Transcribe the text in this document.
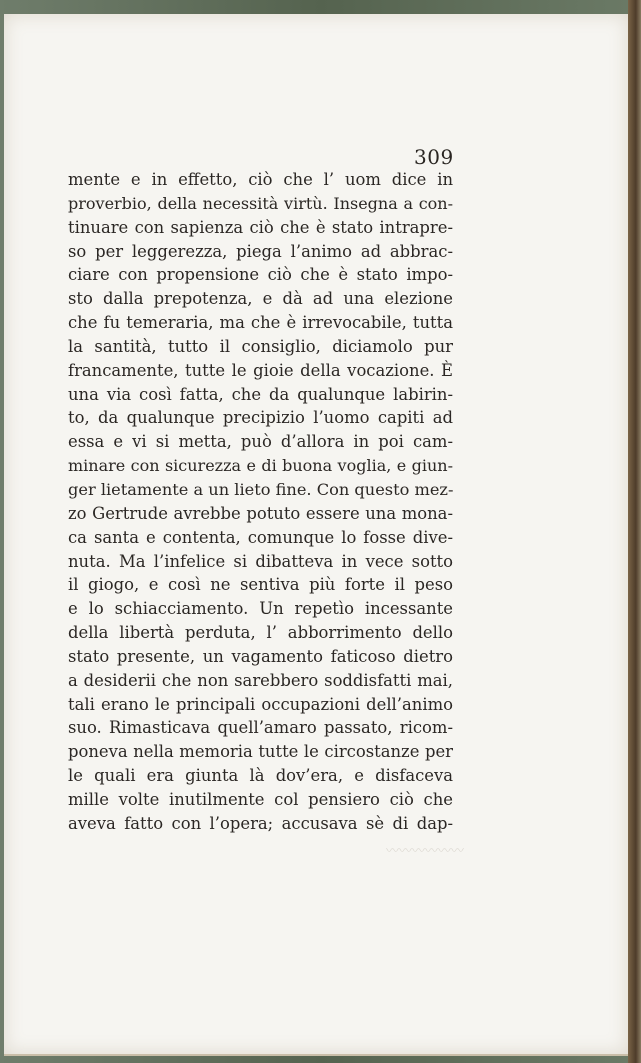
〰〰〰〰〰〰
309
mente e in effetto, ciò che l’ uom dice in
proverbio, della necessità virtù. Insegna a con-
tinuare con sapienza ciò che è stato intrapre-
so per leggerezza, piega l’animo ad abbrac-
ciare con propensione ciò che è stato impo-
sto dalla prepotenza, e dà ad una elezione
che fu temeraria, ma che è irrevocabile, tutta
la santità, tutto il consiglio, diciamolo pur
francamente, tutte le gioie della vocazione. È
una via così fatta, che da qualunque labirin-
to, da qualunque precipizio l’uomo capiti ad
essa e vi si metta, può d’allora in poi cam-
minare con sicurezza e di buona voglia, e giun-
ger lietamente a un lieto fine. Con questo mez-
zo Gertrude avrebbe potuto essere una mona-
ca santa e contenta, comunque lo fosse dive-
nuta. Ma l’infelice si dibatteva in vece sotto
il giogo, e così ne sentiva più forte il peso
e lo schiacciamento. Un repetìo incessante
della libertà perduta, l’ abborrimento dello
stato presente, un vagamento faticoso dietro
a desiderii che non sarebbero soddisfatti mai,
tali erano le principali occupazioni dell’animo
suo. Rimasticava quell’amaro passato, ricom-
poneva nella memoria tutte le circostanze per
le quali era giunta là dov’era, e disfaceva
mille volte inutilmente col pensiero ciò che
aveva fatto con l’opera; accusava sè di dap-
